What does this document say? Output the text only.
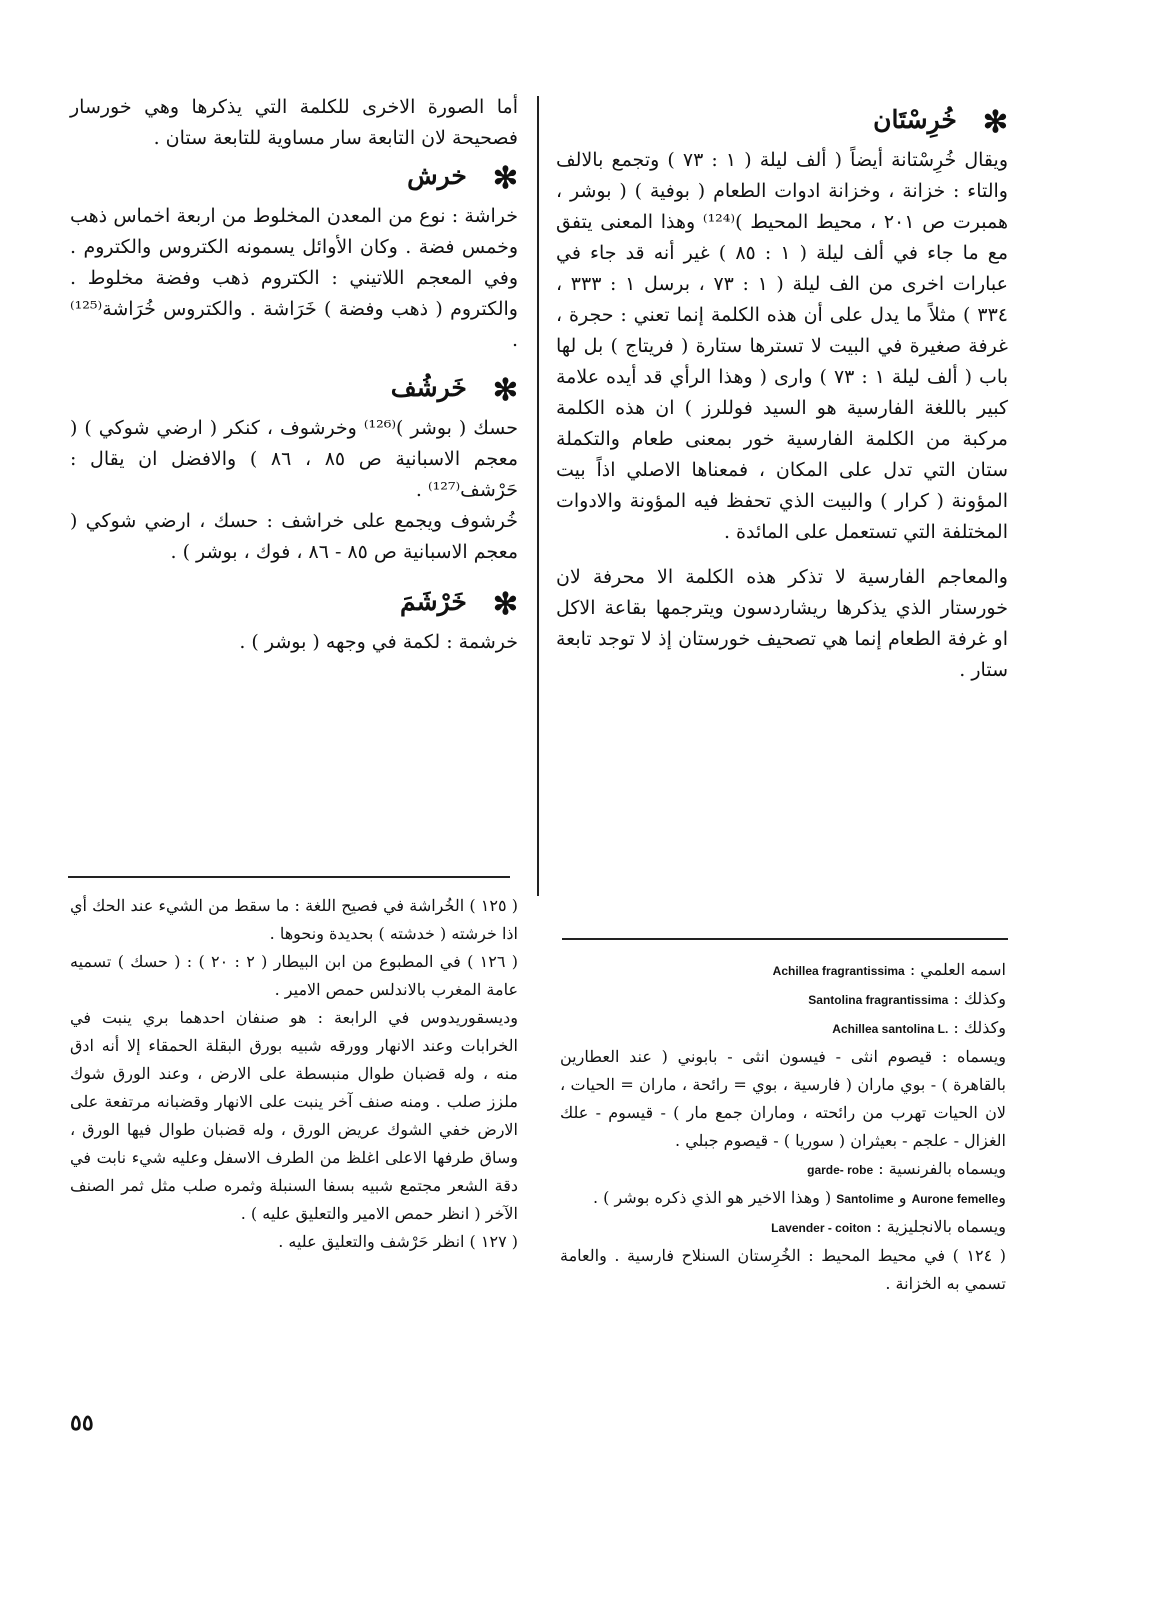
✻خُرِسْتَان

ويقال خُرِسْتانة أيضاً ( ألف ليلة ( ١ : ٧٣ ) وتجمع بالالف والتاء : خزانة ، وخزانة ادوات الطعام ( بوفية ) ( بوشر ، همبرت ص ٢٠١ ، محيط المحيط )⁽¹²⁴⁾ وهذا المعنى يتفق مع ما جاء في ألف ليلة ( ١ : ٨٥ ) غير أنه قد جاء في عبارات اخرى من الف ليلة ( ١ : ٧٣ ، برسل ١ : ٣٣٣ ، ٣٣٤ ) مثلاً ما يدل على أن هذه الكلمة إنما تعني : حجرة ، غرفة صغيرة في البيت لا تسترها ستارة ( فريتاج ) بل لها باب ( ألف ليلة ١ : ٧٣ ) وارى ( وهذا الرأي قد أيده علامة كبير باللغة الفارسية هو السيد فوللرز ) ان هذه الكلمة مركبة من الكلمة الفارسية خور بمعنى طعام والتكملة ستان التي تدل على المكان ، فمعناها الاصلي اذاً بيت المؤونة ( كرار ) والبيت الذي تحفظ فيه المؤونة والادوات المختلفة التي تستعمل على المائدة .

والمعاجم الفارسية لا تذكر هذه الكلمة الا محرفة لان خورستار الذي يذكرها ريشاردسون ويترجمها بقاعة الاكل او غرفة الطعام إنما هي تصحيف خورستان إذ لا توجد تابعة ستار .

أما الصورة الاخرى للكلمة التي يذكرها وهي خورسار فصحيحة لان التابعة سار مساوية للتابعة ستان .

✻خرش

خراشة : نوع من المعدن المخلوط من اربعة اخماس ذهب وخمس فضة . وكان الأوائل يسمونه الكتروس والكتروم . وفي المعجم اللاتيني : الكتروم ذهب وفضة مخلوط . والكتروم ( ذهب وفضة ) خَرَاشة . والكتروس خُرَاشة⁽¹²⁵⁾ .

✻خَرشُف

حسك ( بوشر )⁽¹²⁶⁾ وخرشوف ، كنكر ( ارضي شوكي ) ( معجم الاسبانية ص ٨٥ ، ٨٦ ) والافضل ان يقال : حَرْشف⁽¹²⁷⁾ .

خُرشوف ويجمع على خراشف : حسك ، ارضي شوكي ( معجم الاسبانية ص ٨٥ - ٨٦ ، فوك ، بوشر ) .

✻خَرْشَمَ

خرشمة : لكمة في وجهه ( بوشر ) .

( ١٢٥ ) الخُراشة في فصيح اللغة : ما سقط من الشيء عند الحك أي اذا خرشته ( خدشته ) بحديدة ونحوها .

( ١٢٦ ) في المطبوع من ابن البيطار ( ٢ : ٢٠ ) : ( حسك ) تسميه عامة المغرب بالاندلس حمص الامير .

وديسقوريدوس في الرابعة : هو صنفان احدهما بري ينبت في الخرابات وعند الانهار وورقه شبيه بورق البقلة الحمقاء إلا أنه ادق منه ، وله قضبان طوال منبسطة على الارض ، وعند الورق شوك ملزز صلب . ومنه صنف آخر ينبت على الانهار وقضبانه مرتفعة على الارض خفي الشوك عريض الورق ، وله قضبان طوال فيها الورق ، وساق طرفها الاعلى اغلظ من الطرف الاسفل وعليه شيء نابت في دقة الشعر مجتمع شبيه بسفا السنبلة وثمره صلب مثل ثمر الصنف الآخر ( انظر حمص الامير والتعليق عليه ) .

( ١٢٧ ) انظر حَرْشف والتعليق عليه .

اسمه العلمي : Achillea fragrantissima

وكذلك : Santolina fragrantissima

وكذلك : Achillea santolina L.

ويسماه : قيصوم انثى - فيسون انثى - بابوني ( عند العطارين بالقاهرة ) - بوي ماران ( فارسية ، بوي = رائحة ، ماران = الحيات ، لان الحيات تهرب من رائحته ، وماران جمع مار ) - قيسوم - علك الغزال - علجم - بعيثران ( سوريا ) - قيصوم جبلي .

ويسماه بالفرنسية : garde- robe

وAurone femelle و Santolime ( وهذا الاخير هو الذي ذكره بوشر ) .

ويسماه بالانجليزية : Lavender - coiton

( ١٢٤ ) في محيط المحيط : الخُرِستان السنلاح فارسية . والعامة تسمي به الخزانة .

٥٥
